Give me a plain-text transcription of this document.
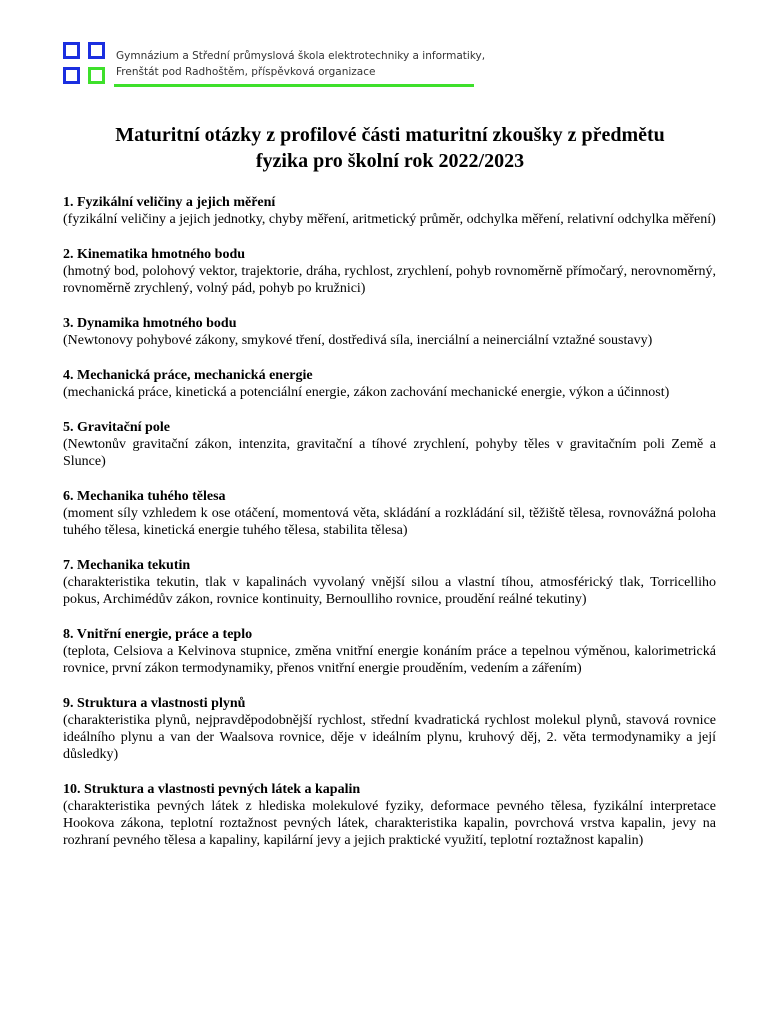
Gymnázium a Střední průmyslová škola elektrotechniky a informatiky,
Frenštát pod Radhoštěm, příspěvková organizace
Maturitní otázky z profilové části maturitní zkoušky z předmětu
fyzika pro školní rok 2022/2023
1. Fyzikální veličiny a jejich měření
(fyzikální veličiny a jejich jednotky, chyby měření, aritmetický průměr, odchylka měření, relativní odchylka měření)
2. Kinematika hmotného bodu
(hmotný bod, polohový vektor, trajektorie, dráha, rychlost, zrychlení, pohyb rovnoměrně přímočarý, nerovnoměrný, rovnoměrně zrychlený, volný pád, pohyb po kružnici)
3. Dynamika hmotného bodu
(Newtonovy pohybové zákony, smykové tření, dostředivá síla, inerciální a neinerciální vztažné soustavy)
4. Mechanická práce, mechanická energie
(mechanická práce, kinetická a potenciální energie, zákon zachování mechanické energie, výkon a účinnost)
5. Gravitační pole
(Newtonův gravitační zákon, intenzita, gravitační a tíhové zrychlení, pohyby těles v gravitačním poli Země a Slunce)
6. Mechanika tuhého tělesa
(moment síly vzhledem k ose otáčení, momentová věta, skládání a rozkládání sil, těžiště tělesa, rovnovážná poloha tuhého tělesa, kinetická energie tuhého tělesa, stabilita tělesa)
7. Mechanika tekutin
(charakteristika tekutin, tlak v kapalinách vyvolaný vnější silou a vlastní tíhou, atmosférický tlak, Torricelliho pokus, Archimédův zákon, rovnice kontinuity, Bernoulliho rovnice, proudění reálné tekutiny)
8. Vnitřní energie, práce a teplo
(teplota, Celsiova a Kelvinova stupnice, změna vnitřní energie konáním práce a tepelnou výměnou, kalorimetrická rovnice, první zákon termodynamiky, přenos vnitřní energie prouděním, vedením a zářením)
9. Struktura a vlastnosti plynů
(charakteristika plynů, nejpravděpodobnější rychlost, střední kvadratická rychlost molekul plynů, stavová rovnice ideálního plynu a van der Waalsova rovnice, děje v ideálním plynu, kruhový děj, 2. věta termodynamiky a její důsledky)
10. Struktura a vlastnosti pevných látek a kapalin
(charakteristika pevných látek z hlediska molekulové fyziky, deformace pevného tělesa, fyzikální interpretace Hookova zákona, teplotní roztažnost pevných látek, charakteristika kapalin, povrchová vrstva kapalin, jevy na rozhraní pevného tělesa a kapaliny, kapilární jevy a jejich praktické využití, teplotní roztažnost kapalin)
